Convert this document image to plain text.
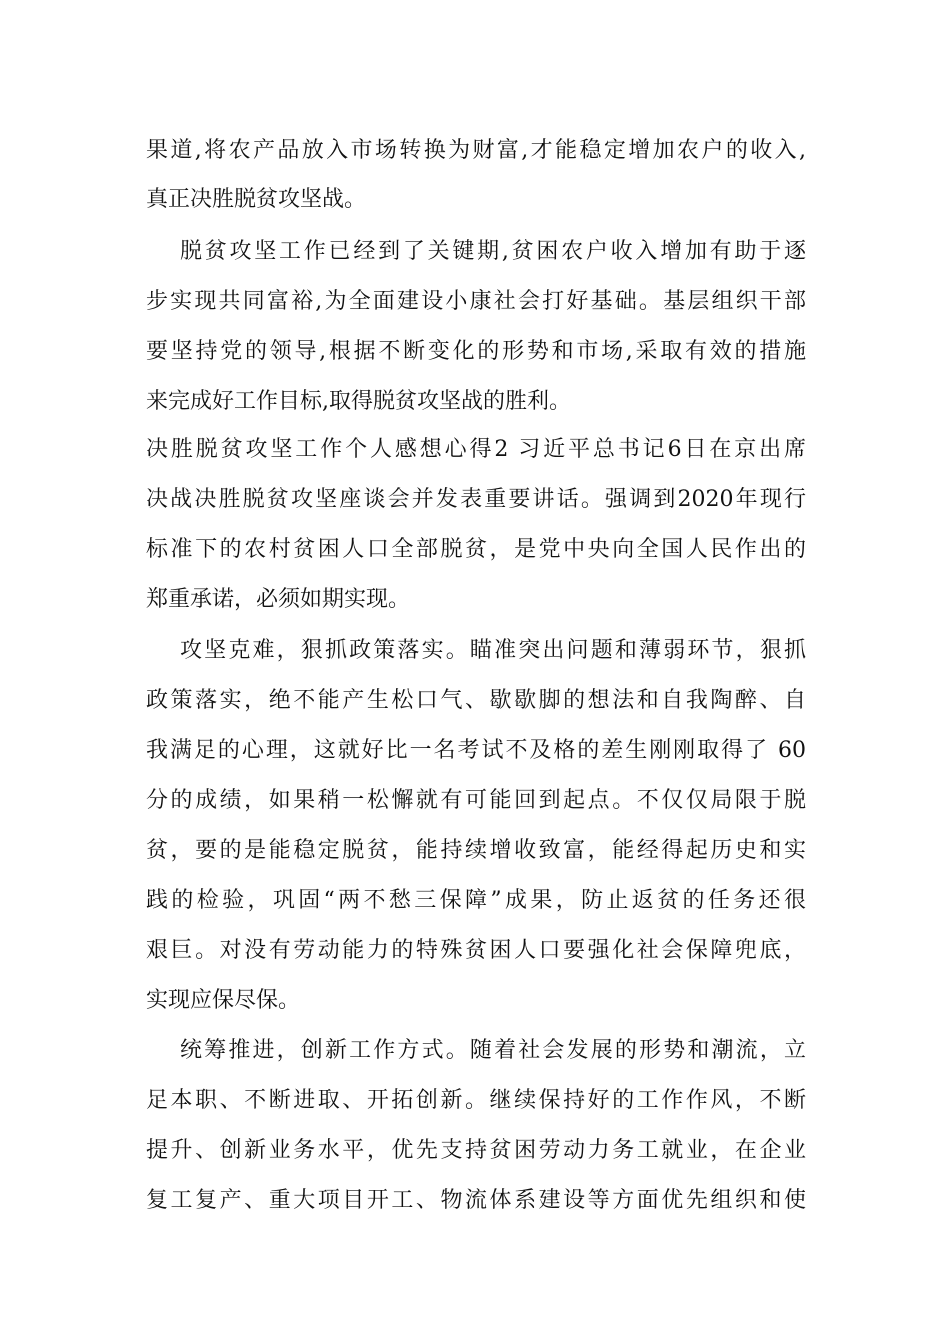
果道,将农产品放入市场转换为财富,才能稳定增加农户的收入,
真正决胜脱贫攻坚战。
脱贫攻坚工作已经到了关键期,贫困农户收入增加有助于逐
步实现共同富裕,为全面建设小康社会打好基础。基层组织干部
要坚持党的领导,根据不断变化的形势和市场,采取有效的措施
来完成好工作目标,取得脱贫攻坚战的胜利。
决胜脱贫攻坚工作个人感想心得2 习近平总书记6日在京出席
决战决胜脱贫攻坚座谈会并发表重要讲话。强调到2020年现行
标准下的农村贫困人口全部脱贫，是党中央向全国人民作出的
郑重承诺，必须如期实现。
攻坚克难，狠抓政策落实。瞄准突出问题和薄弱环节，狠抓
政策落实，绝不能产生松口气、歇歇脚的想法和自我陶醉、自
我满足的心理，这就好比一名考试不及格的差生刚刚取得了 60
分的成绩，如果稍一松懈就有可能回到起点。不仅仅局限于脱
贫，要的是能稳定脱贫，能持续增收致富，能经得起历史和实
践的检验，巩固“两不愁三保障”成果，防止返贫的任务还很
艰巨。对没有劳动能力的特殊贫困人口要强化社会保障兜底，
实现应保尽保。
统筹推进，创新工作方式。随着社会发展的形势和潮流，立
足本职、不断进取、开拓创新。继续保持好的工作作风，不断
提升、创新业务水平，优先支持贫困劳动力务工就业，在企业
复工复产、重大项目开工、物流体系建设等方面优先组织和使
